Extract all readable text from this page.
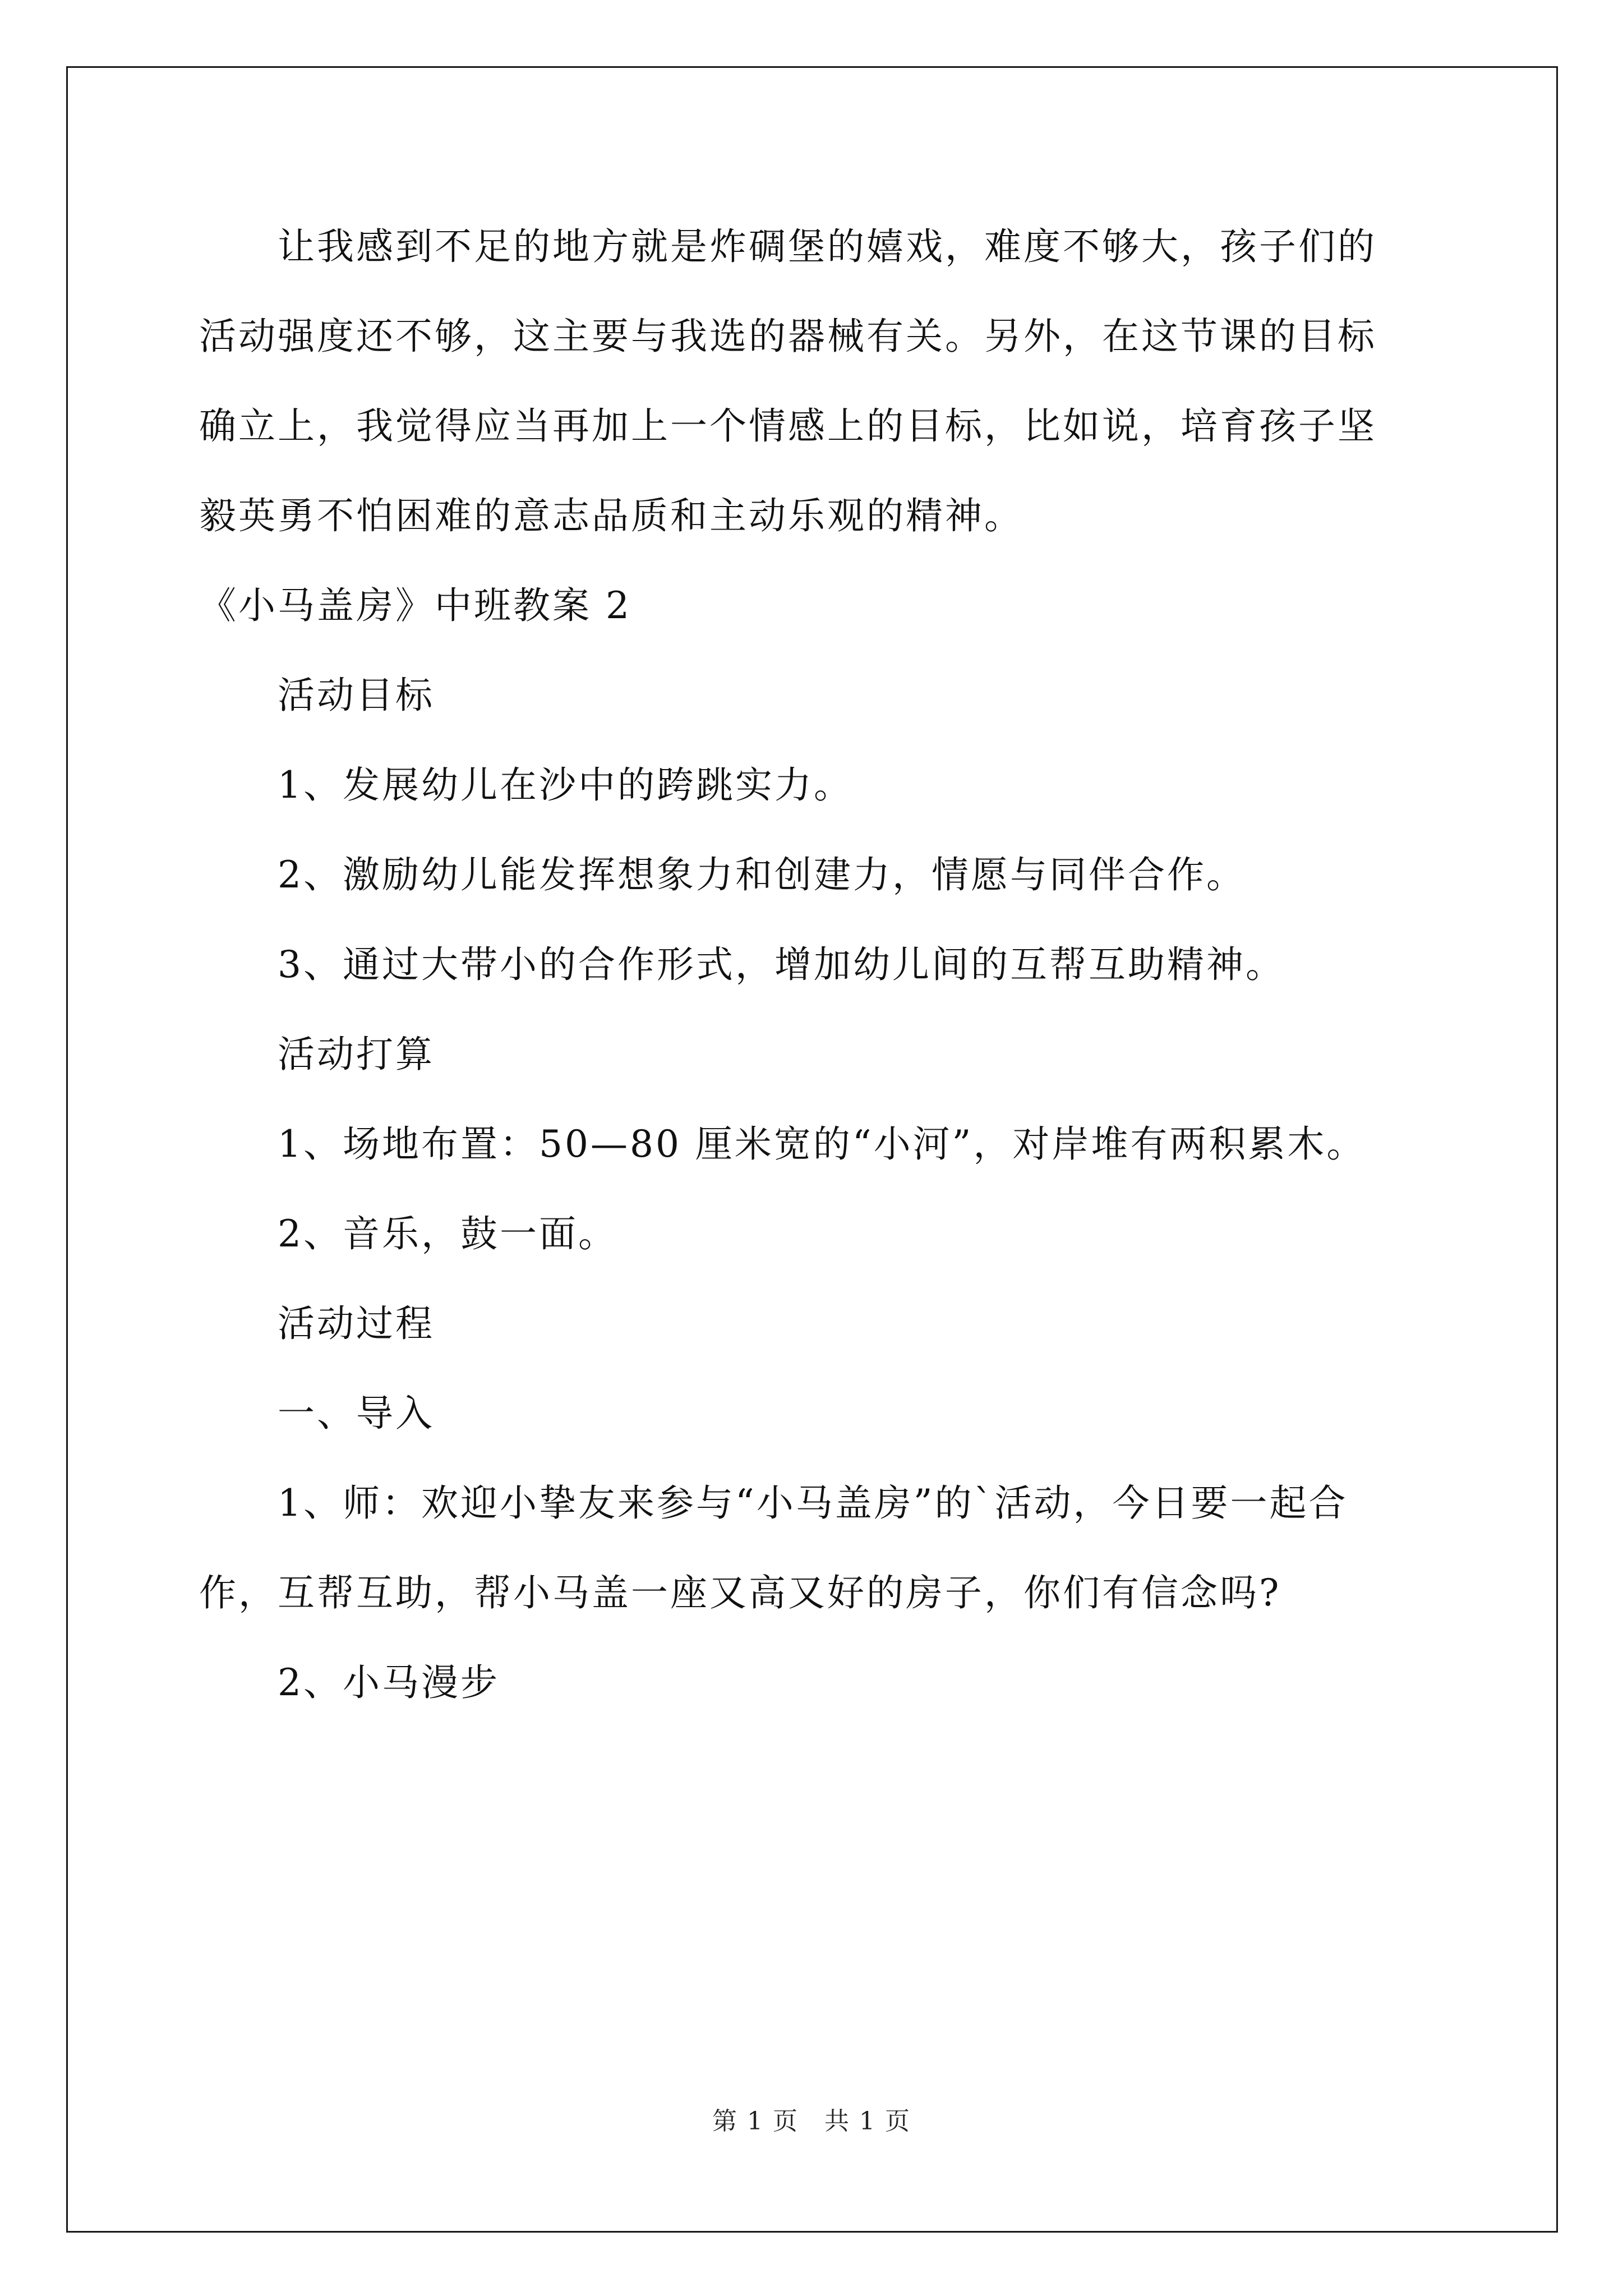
让我感到不足的地方就是炸碉堡的嬉戏，难度不够大，孩子们的
活动强度还不够，这主要与我选的器械有关。另外，在这节课的目标
确立上，我觉得应当再加上一个情感上的目标，比如说，培育孩子坚
毅英勇不怕困难的意志品质和主动乐观的精神。

《小马盖房》中班教案 2

活动目标

1、发展幼儿在沙中的跨跳实力。

2、激励幼儿能发挥想象力和创建力，情愿与同伴合作。

3、通过大带小的合作形式，增加幼儿间的互帮互助精神。

活动打算

1、场地布置：50—80 厘米宽的“小河”，对岸堆有两积累木。

2、音乐，鼓一面。

活动过程

一、导入

1、师：欢迎小挚友来参与“小马盖房”的`活动，今日要一起合
作，互帮互助，帮小马盖一座又高又好的房子，你们有信念吗?

2、小马漫步

第 1 页　共 1 页
